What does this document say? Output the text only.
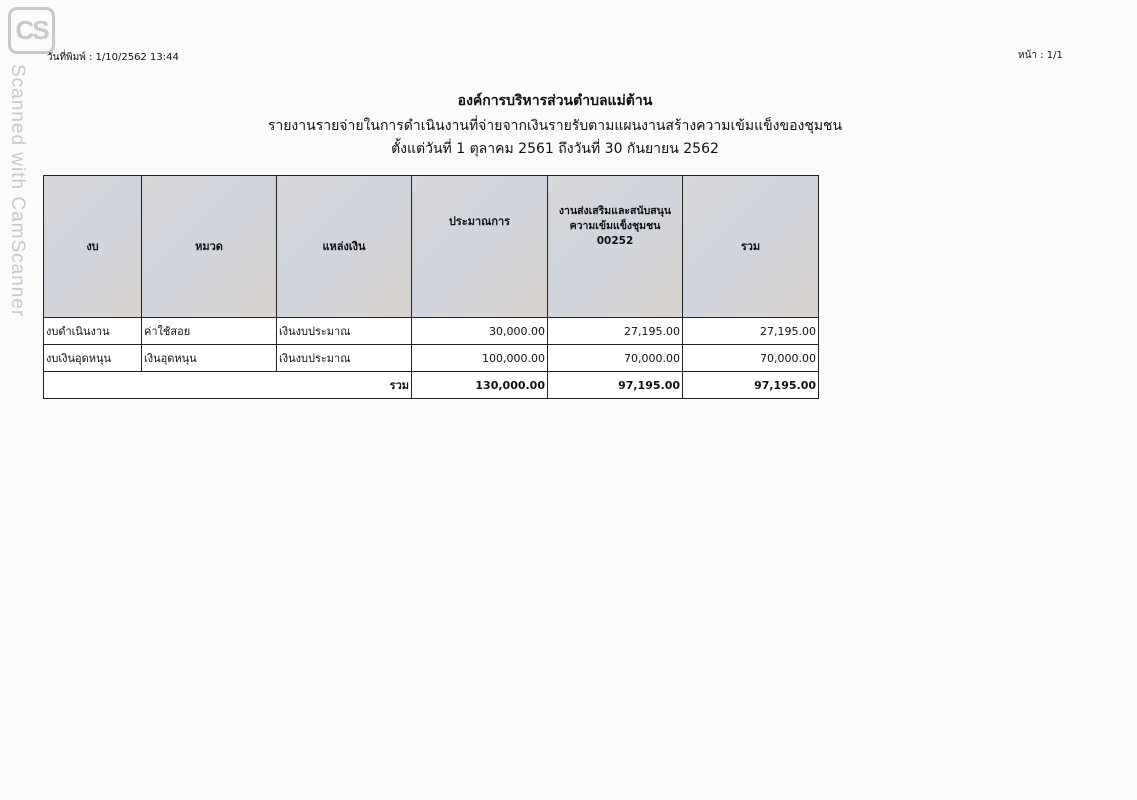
CS
Scanned with CamScanner
วันที่พิมพ์ : 1/10/2562 13:44	หน้า : 1/1
องค์การบริหารส่วนตำบลแม่ต้าน
รายงานรายจ่ายในการดำเนินงานที่จ่ายจากเงินรายรับตามแผนงานสร้างความเข้มแข็งของชุมชน
ตั้งแต่วันที่ 1 ตุลาคม 2561 ถึงวันที่ 30 กันยายน 2562
งบ	หมวด	แหล่งเงิน	ประมาณการ	งานส่งเสริมและสนับสนุนความเข้มแข็งชุมชน 00252	รวม
งบดำเนินงาน	ค่าใช้สอย	เงินงบประมาณ	30,000.00	27,195.00	27,195.00
งบเงินอุดหนุน	เงินอุดหนุน	เงินงบประมาณ	100,000.00	70,000.00	70,000.00
รวม			130,000.00	97,195.00	97,195.00
